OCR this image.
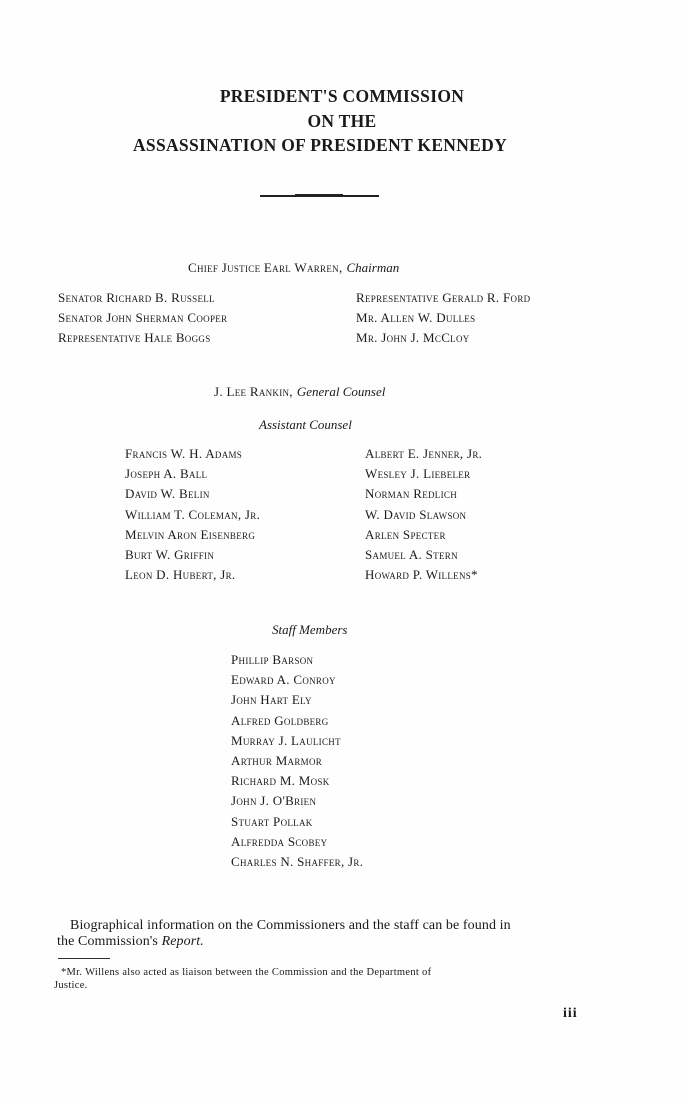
PRESIDENT'S COMMISSION
ON THE
ASSASSINATION OF PRESIDENT KENNEDY
Chief Justice Earl Warren, Chairman
Senator Richard B. Russell
Senator John Sherman Cooper
Representative Hale Boggs
Representative Gerald R. Ford
Mr. Allen W. Dulles
Mr. John J. McCloy
J. Lee Rankin, General Counsel
Assistant Counsel
Francis W. H. Adams
Joseph A. Ball
David W. Belin
William T. Coleman, Jr.
Melvin Aron Eisenberg
Burt W. Griffin
Leon D. Hubert, Jr.
Albert E. Jenner, Jr.
Wesley J. Liebeler
Norman Redlich
W. David Slawson
Arlen Specter
Samuel A. Stern
Howard P. Willens*
Staff Members
Phillip Barson
Edward A. Conroy
John Hart Ely
Alfred Goldberg
Murray J. Laulicht
Arthur Marmor
Richard M. Mosk
John J. O'Brien
Stuart Pollak
Alfredda Scobey
Charles N. Shaffer, Jr.
Biographical information on the Commissioners and the staff can be found in
the Commission's Report.
*Mr. Willens also acted as liaison between the Commission and the Department of
Justice.
iii
